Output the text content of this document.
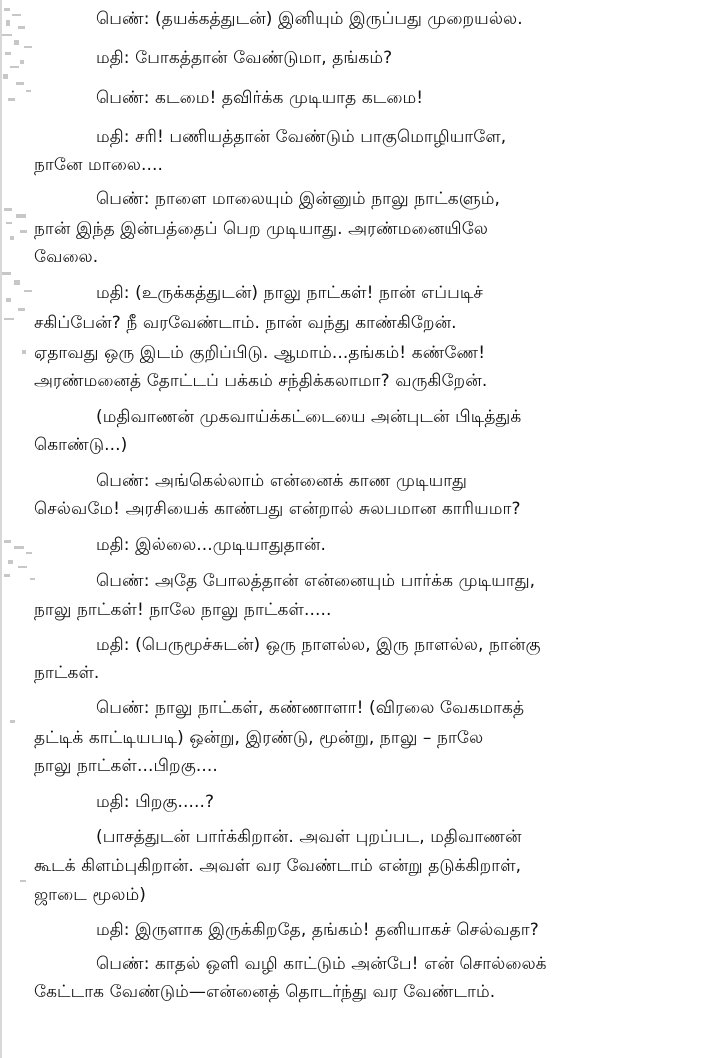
பெண்: (தயக்கத்துடன்) இனியும் இருப்பது முறையல்ல.
மதி: போகத்தான் வேண்டுமா, தங்கம்?
பெண்: கடமை! தவிர்க்க முடியாத கடமை!
மதி: சரி! பணியத்தான் வேண்டும் பாகுமொழியாளே,
நானே மாலை....
பெண்: நாளை மாலையும் இன்னும் நாலு நாட்களும்,
நான் இந்த இன்பத்தைப் பெற முடியாது. அரண்மனையிலே
வேலை.
மதி: (உருக்கத்துடன்) நாலு நாட்கள்! நான் எப்படிச்
சகிப்பேன்? நீ வரவேண்டாம். நான் வந்து காண்கிறேன்.
ஏதாவது ஒரு இடம் குறிப்பிடு. ஆமாம்...தங்கம்! கண்ணே!
அரண்மனைத் தோட்டப் பக்கம் சந்திக்கலாமா? வருகிறேன்.
(மதிவாணன் முகவாய்க்கட்டையை அன்புடன் பிடித்துக்
கொண்டு...)
பெண்: அங்கெல்லாம் என்னைக் காண முடியாது
செல்வமே! அரசியைக் காண்பது என்றால் சுலபமான காரியமா?
மதி: இல்லை...முடியாதுதான்.
பெண்: அதே போலத்தான் என்னையும் பார்க்க முடியாது,
நாலு நாட்கள்! நாலே நாலு நாட்கள்.....
மதி: (பெருமூச்சுடன்) ஒரு நாளல்ல, இரு நாளல்ல, நான்கு
நாட்கள்.
பெண்: நாலு நாட்கள், கண்ணாளா! (விரலை வேகமாகத்
தட்டிக் காட்டியபடி) ஒன்று, இரண்டு, மூன்று, நாலு – நாலே
நாலு நாட்கள்...பிறகு....
மதி: பிறகு.....?
(பாசத்துடன் பார்க்கிறான். அவள் புறப்பட, மதிவாணன்
கூடக் கிளம்புகிறான். அவள் வர வேண்டாம் என்று தடுக்கிறாள்,
ஜாடை மூலம்)
மதி: இருளாக இருக்கிறதே, தங்கம்! தனியாகச் செல்வதா?
பெண்: காதல் ஒளி வழி காட்டும் அன்பே! என் சொல்லைக்
கேட்டாக வேண்டும்—என்னைத் தொடர்ந்து வர வேண்டாம்.
